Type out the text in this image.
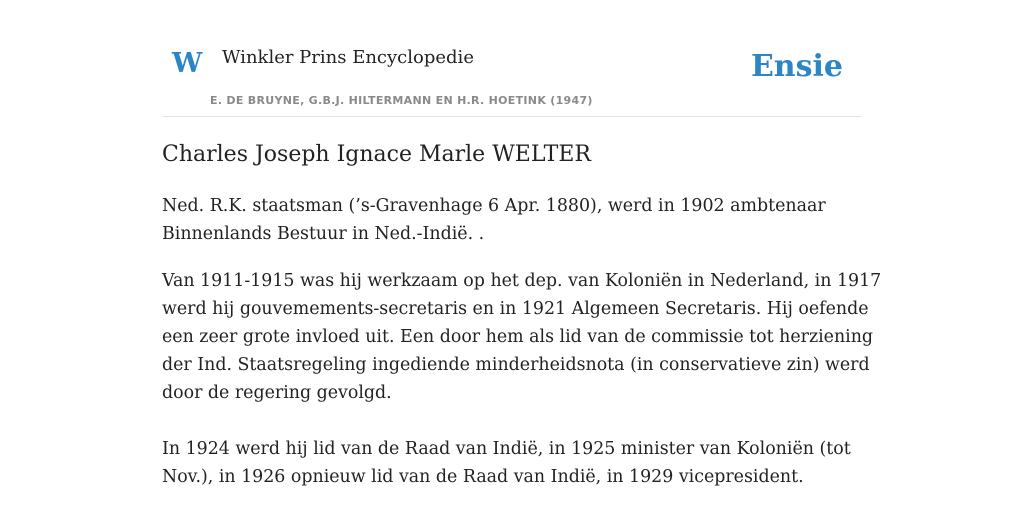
W Winkler Prins Encyclopedie
E. DE BRUYNE, G.B.J. HILTERMANN EN H.R. HOETINK (1947)
Ensie
Charles Joseph Ignace Marle WELTER

Ned. R.K. staatsman (’s-Gravenhage 6 Apr. 1880), werd in 1902 ambtenaar
Binnenlands Bestuur in Ned.-Indië. .

Van 1911-1915 was hij werkzaam op het dep. van Koloniën in Nederland, in 1917
werd hij gouvemements-secretaris en in 1921 Algemeen Secretaris. Hij oefende
een zeer grote invloed uit. Een door hem als lid van de commissie tot herziening
der Ind. Staatsregeling ingediende minderheidsnota (in conservatieve zin) werd
door de regering gevolgd.

In 1924 werd hij lid van de Raad van Indië, in 1925 minister van Koloniën (tot
Nov.), in 1926 opnieuw lid van de Raad van Indië, in 1929 vicepresident.
